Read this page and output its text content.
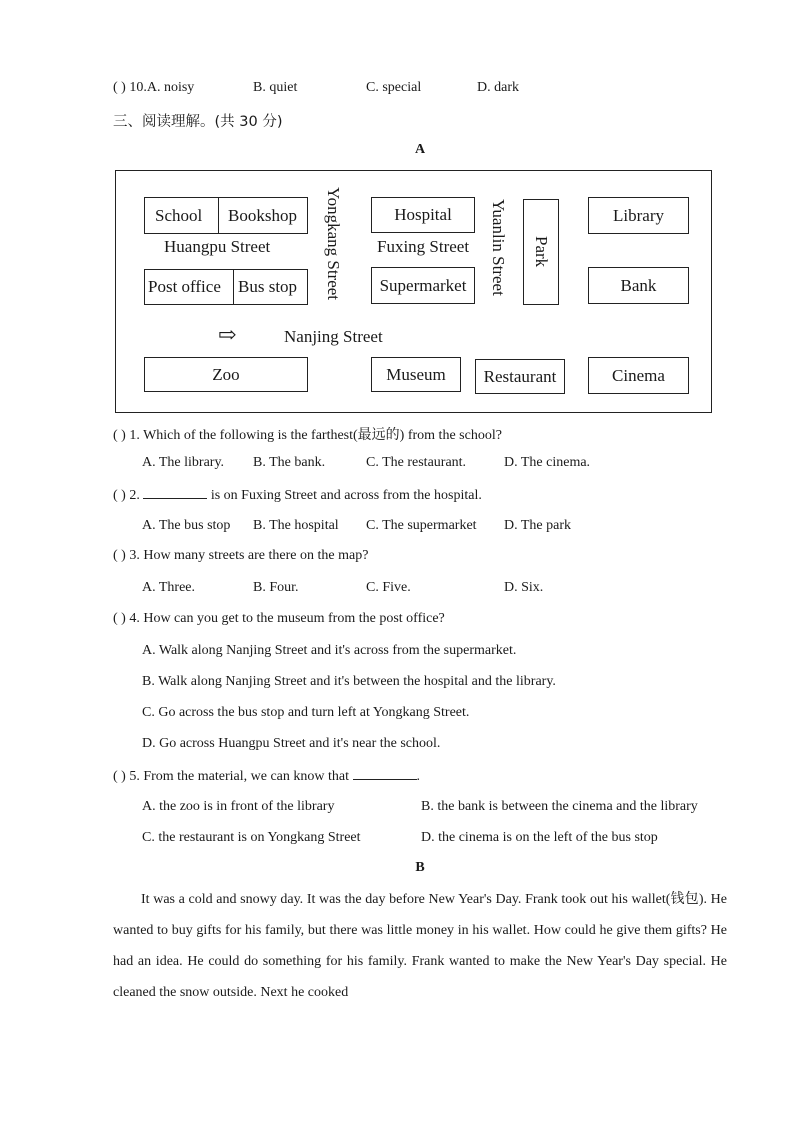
( ) 10.A. noisy	B. quiet	C. special	D. dark
三、阅读理解。(共 30 分)
A
School	Bookshop
Huangpu Street
Post office Bus stop Yongkang Street	Hospital
Fuxing Street
Supermarket	Yuanlin Street Park
Library
Bank
⇨	Nanjing Street
Zoo	Museum	Restaurant	Cinema
( ) 1. Which of the following is the farthest(最远的) from the school?
A. The library. B. The bank.	C. The restaurant.	D. The cinema.
( ) 2.	is on Fuxing Street and across from the hospital.
A. The bus stop B. The hospital C. The supermarket D. The park
( ) 3. How many streets are there on the map?
A. Three.	B. Four.	C. Five.	D. Six.
( ) 4. How can you get to the museum from the post office?
A. Walk along Nanjing Street and it's across from the supermarket.
B. Walk along Nanjing Street and it's between the hospital and the library.
C. Go across the bus stop and turn left at Yongkang Street.
D. Go across Huangpu Street and it's near the school.
( ) 5. From the material, we can know that	.
A. the zoo is in front of the library	B. the bank is between the cinema and the library
C. the restaurant is on Yongkang Street	D. the cinema is on the left of the bus stop
B
It was a cold and snowy day. It was the day before New Year's Day. Frank took out his wallet(钱包). He wanted to buy gifts for his family, but there was little money in his wallet. How could he give them gifts? He had an idea. He could do something for his family. Frank wanted to make the New Year's Day special. He cleaned the snow outside. Next he cooked
